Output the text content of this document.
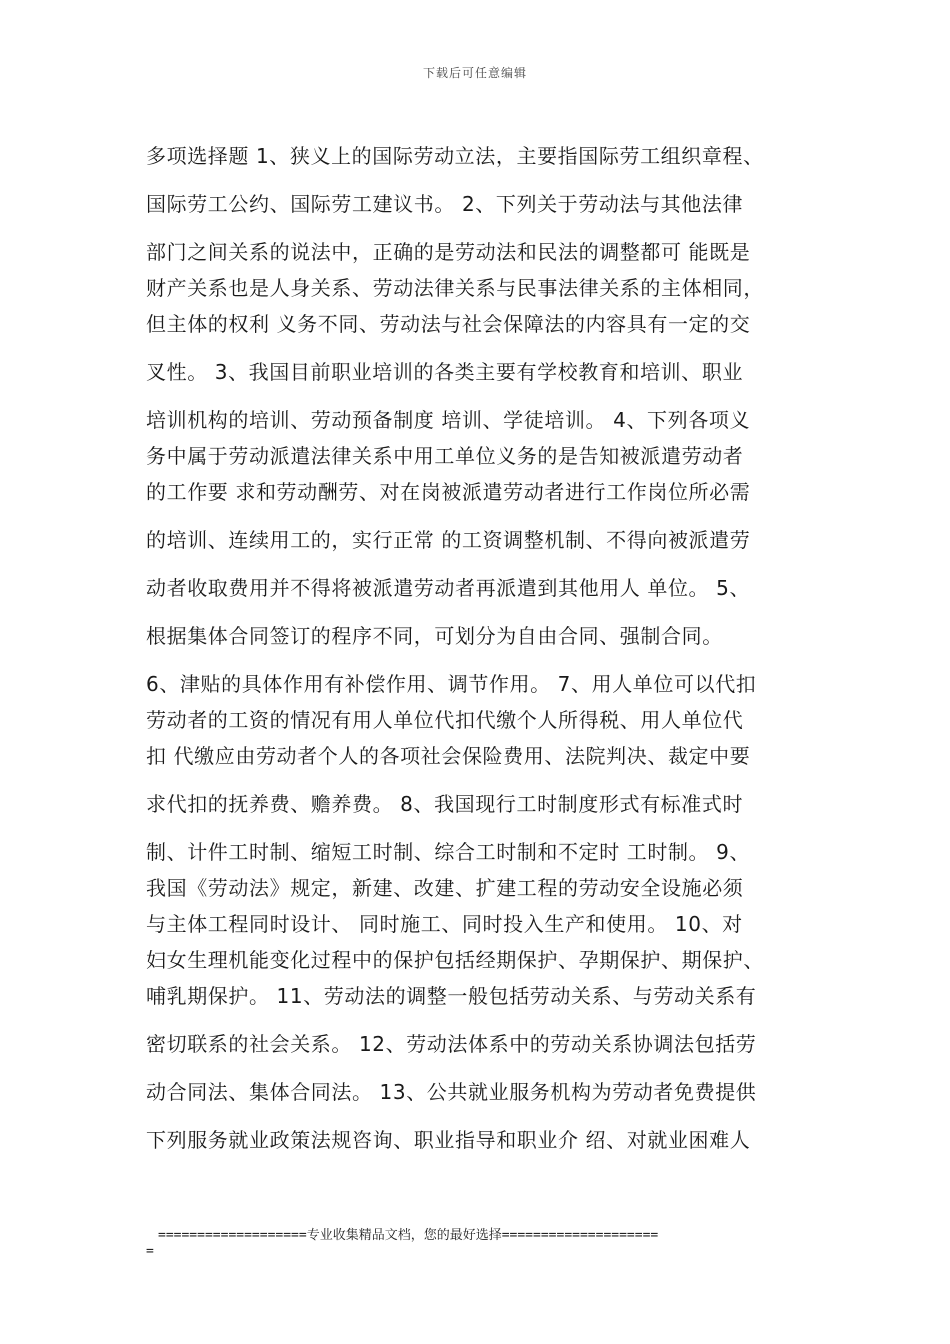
下载后可任意编辑
多项选择题 1、狭义上的国际劳动立法，主要指国际劳工组织章程、
国际劳工公约、国际劳工建议书。 2、下列关于劳动法与其他法律
部门之间关系的说法中，正确的是劳动法和民法的调整都可 能既是
财产关系也是人身关系、劳动法律关系与民事法律关系的主体相同，
但主体的权利 义务不同、劳动法与社会保障法的内容具有一定的交
叉性。 3、我国目前职业培训的各类主要有学校教育和培训、职业
培训机构的培训、劳动预备制度 培训、学徒培训。 4、下列各项义
务中属于劳动派遣法律关系中用工单位义务的是告知被派遣劳动者
的工作要 求和劳动酬劳、对在岗被派遣劳动者进行工作岗位所必需
的培训、连续用工的，实行正常 的工资调整机制、不得向被派遣劳
动者收取费用并不得将被派遣劳动者再派遣到其他用人 单位。 5、
根据集体合同签订的程序不同，可划分为自由合同、强制合同。
6、津贴的具体作用有补偿作用、调节作用。 7、用人单位可以代扣
劳动者的工资的情况有用人单位代扣代缴个人所得税、用人单位代
扣 代缴应由劳动者个人的各项社会保险费用、法院判决、裁定中要
求代扣的抚养费、赡养费。 8、我国现行工时制度形式有标准式时
制、计件工时制、缩短工时制、综合工时制和不定时 工时制。 9、
我国《劳动法》规定，新建、改建、扩建工程的劳动安全设施必须
与主体工程同时设计、 同时施工、同时投入生产和使用。 10、对
妇女生理机能变化过程中的保护包括经期保护、孕期保护、期保护、
哺乳期保护。 11、劳动法的调整一般包括劳动关系、与劳动关系有
密切联系的社会关系。 12、劳动法体系中的劳动关系协调法包括劳
动合同法、集体合同法。 13、公共就业服务机构为劳动者免费提供
下列服务就业政策法规咨询、职业指导和职业介 绍、对就业困难人
===================专业收集精品文档，您的最好选择====================
=
